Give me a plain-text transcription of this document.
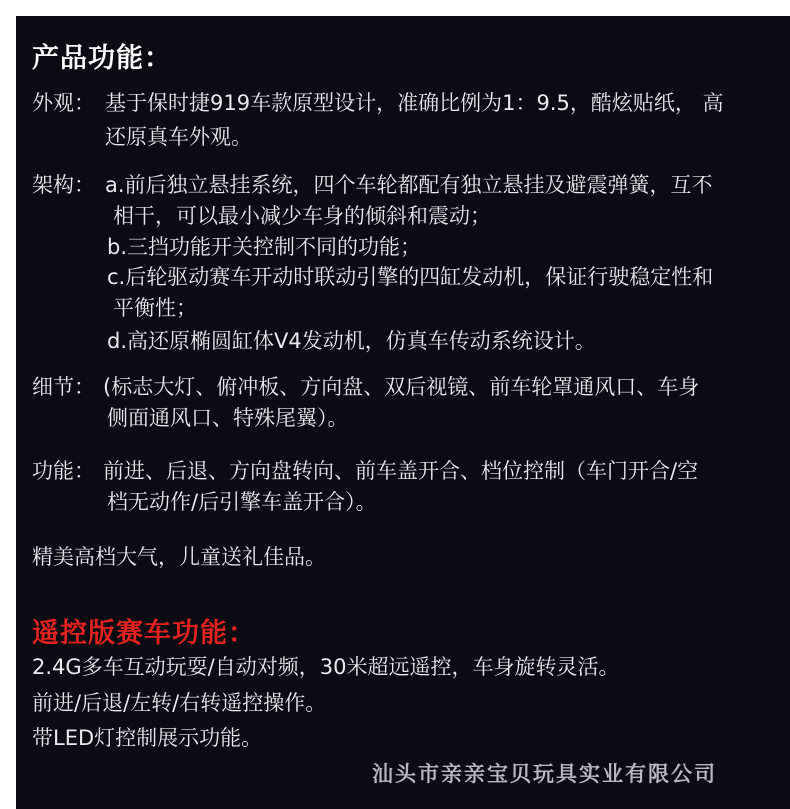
产品功能：
外观： 基于保时捷919车款原型设计，准确比例为1：9.5，酷炫贴纸， 高
还原真车外观。
架构： a.前后独立悬挂系统，四个车轮都配有独立悬挂及避震弹簧，互不
相干，可以最小减少车身的倾斜和震动；
b.三挡功能开关控制不同的功能；
c.后轮驱动赛车开动时联动引擎的四缸发动机，保证行驶稳定性和
平衡性；
d.高还原椭圆缸体V4发动机，仿真车传动系统设计。
细节： (标志大灯、俯冲板、方向盘、双后视镜、前车轮罩通风口、车身
侧面通风口、特殊尾翼）。
功能： 前进、后退、方向盘转向、前车盖开合、档位控制（车门开合/空
档无动作/后引擎车盖开合）。
精美高档大气，儿童送礼佳品。
遥控版赛车功能：
2.4G多车互动玩耍/自动对频，30米超远遥控，车身旋转灵活。
前进/后退/左转/右转遥控操作。
带LED灯控制展示功能。
汕头市亲亲宝贝玩具实业有限公司
